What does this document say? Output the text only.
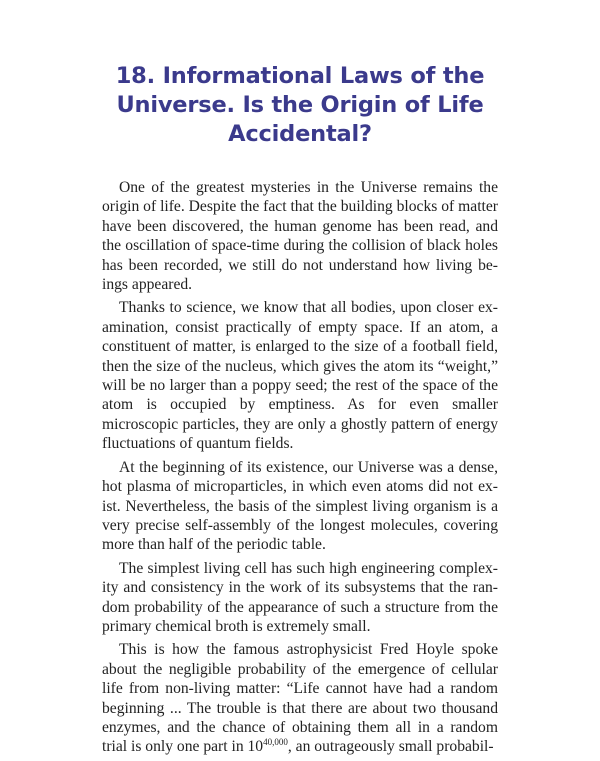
18. Informational Laws of the Universe. Is the Origin of Life Accidental?

One of the greatest mysteries in the Universe remains the origin of life. Despite the fact that the building blocks of matter have been discovered, the human genome has been read, and the oscillation of space-time during the collision of black holes has been recorded, we still do not understand how living beings appeared.

Thanks to science, we know that all bodies, upon closer examination, consist practically of empty space. If an atom, a constituent of matter, is enlarged to the size of a football field, then the size of the nucleus, which gives the atom its “weight,” will be no larger than a poppy seed; the rest of the space of the atom is occupied by emptiness. As for even smaller microscopic particles, they are only a ghostly pattern of energy fluctuations of quantum fields.

At the beginning of its existence, our Universe was a dense, hot plasma of microparticles, in which even atoms did not exist. Nevertheless, the basis of the simplest living organism is a very precise self-assembly of the longest molecules, covering more than half of the periodic table.

The simplest living cell has such high engineering complexity and consistency in the work of its subsystems that the random probability of the appearance of such a structure from the primary chemical broth is extremely small.

This is how the famous astrophysicist Fred Hoyle spoke about the negligible probability of the emergence of cellular life from non-living matter: “Life cannot have had a random beginning ... The trouble is that there are about two thousand enzymes, and the chance of obtaining them all in a random trial is only one part in 10$^{40,000}$, an outrageously small probabil-
